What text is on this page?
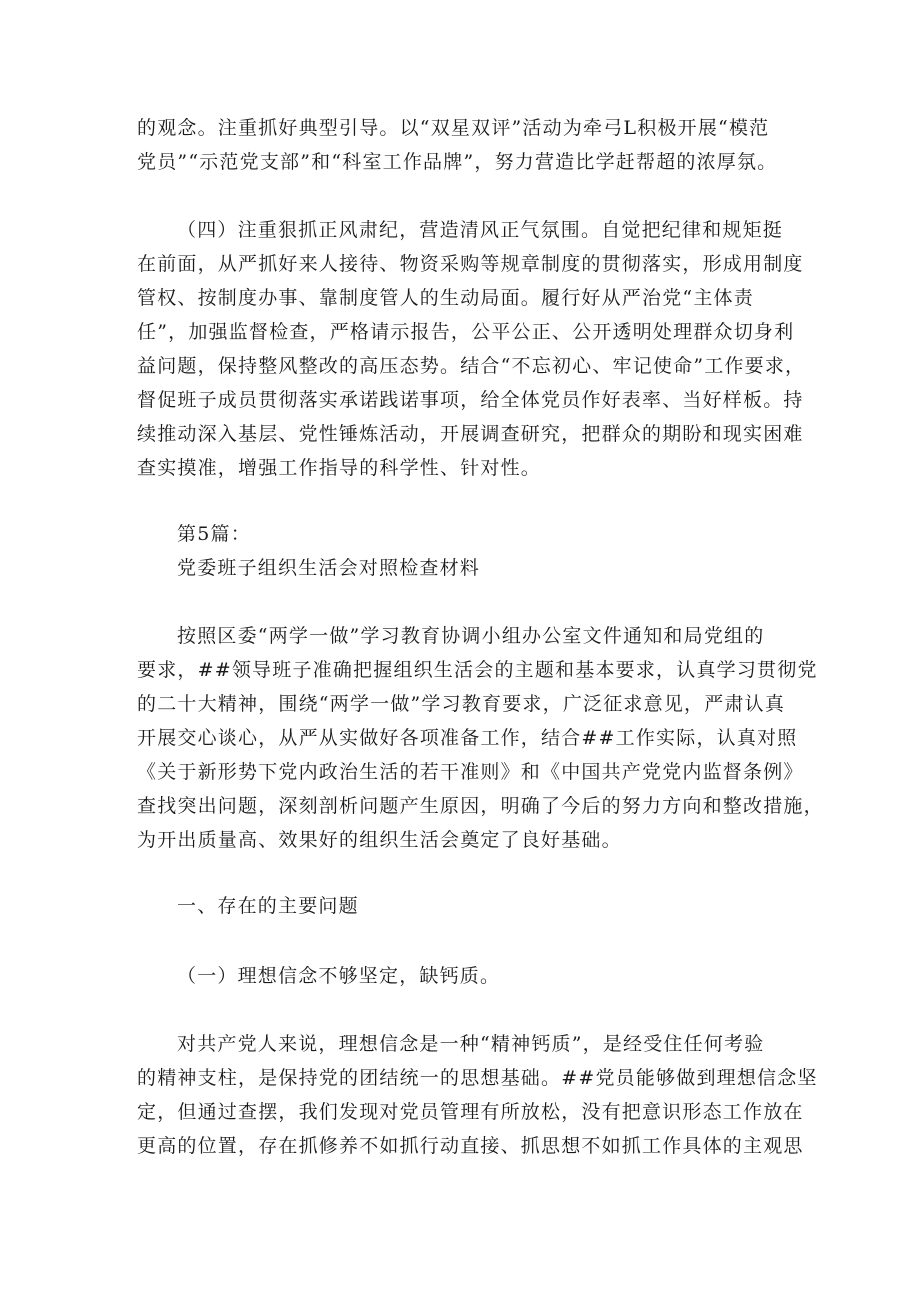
的观念。注重抓好典型引导。以“双星双评”活动为牵弓L积极开展“模范
党员”“示范党支部”和“科室工作品牌”，努力营造比学赶帮超的浓厚氛。
（四）注重狠抓正风肃纪，营造清风正气氛围。自觉把纪律和规矩挺
在前面，从严抓好来人接待、物资采购等规章制度的贯彻落实，形成用制度
管权、按制度办事、靠制度管人的生动局面。履行好从严治党“主体责
任”，加强监督检查，严格请示报告，公平公正、公开透明处理群众切身利
益问题，保持整风整改的高压态势。结合“不忘初心、牢记使命”工作要求，
督促班子成员贯彻落实承诺践诺事项，给全体党员作好表率、当好样板。持
续推动深入基层、党性锤炼活动，开展调查研究，把群众的期盼和现实困难
查实摸准，增强工作指导的科学性、针对性。
第5篇：
党委班子组织生活会对照检查材料
按照区委“两学一做”学习教育协调小组办公室文件通知和局党组的
要求，##领导班子准确把握组织生活会的主题和基本要求，认真学习贯彻党
的二十大精神，围绕“两学一做”学习教育要求，广泛征求意见，严肃认真
开展交心谈心，从严从实做好各项准备工作，结合##工作实际，认真对照
《关于新形势下党内政治生活的若干准则》和《中国共产党党内监督条例》
查找突出问题，深刻剖析问题产生原因，明确了今后的努力方向和整改措施，
为开出质量高、效果好的组织生活会奠定了良好基础。
一、存在的主要问题
（一）理想信念不够坚定，缺钙质。
对共产党人来说，理想信念是一种“精神钙质”，是经受住任何考验
的精神支柱，是保持党的团结统一的思想基础。##党员能够做到理想信念坚
定，但通过查摆，我们发现对党员管理有所放松，没有把意识形态工作放在
更高的位置，存在抓修养不如抓行动直接、抓思想不如抓工作具体的主观思
